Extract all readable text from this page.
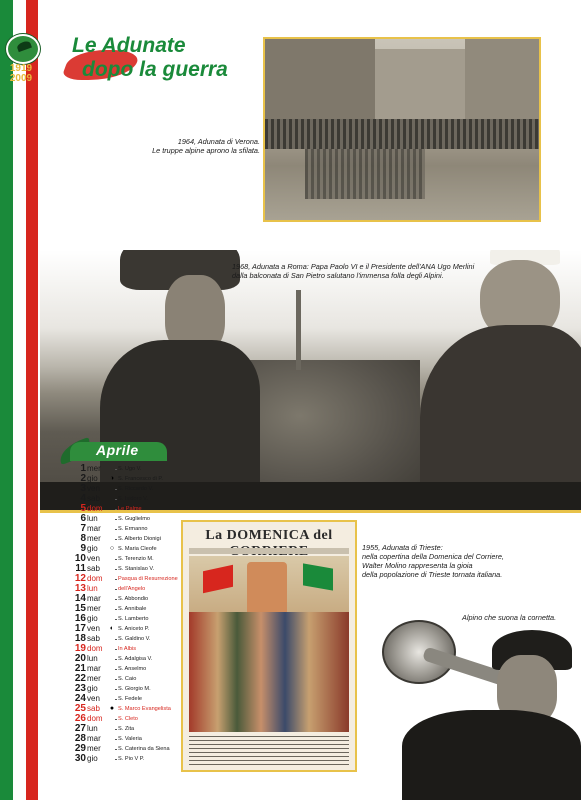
1919
2009
Le Adunate
dopo la guerra
1964, Adunata di Verona.
Le truppe alpine aprono la sfilata.
1968, Adunata a Roma: Papa Paolo VI e il Presidente dell'ANA Ugo Merlini
dalla balconata di San Pietro salutano l'immensa folla degli Alpini.
Aprile
1 mer	S. Ugo V.
2 gio	◑ S. Francesco di P.
3 ven	S. Riccardo V.
4 sab	S. Isidoro V.
5 dom	Le Palme
6 lun	S. Guglielmo
7 mar	S. Ermanno
8 mer	S. Alberto Dionigi
9 gio	○ S. Maria Cleofe
10 ven	S. Terenzio M.
11 sab	S. Stanislao V.
12 dom	Pasqua di Resurrezione
13 lun	dell'Angelo
14 mar	S. Abbondio
15 mer	S. Annibale
16 gio	S. Lamberto
17 ven	◐ S. Aniceto P.
18 sab	S. Galdino V.
19 dom	In Albis
20 lun	S. Adalgisa V.
21 mar	S. Anselmo
22 mer	S. Caio
23 gio	S. Giorgio M.
24 ven	S. Fedele
25 sab	● S. Marco Evangelista
26 dom	S. Cleto
27 lun	S. Zita
28 mar	S. Valeria
29 mer	S. Caterina da Siena
30 gio	S. Pio V P.
La DOMENICA del
1955, Adunata di Trieste:
nella copertina della Domenica del Corriere,
Walter Molino rappresenta la gioia
della popolazione di Trieste tornata italiana.
Alpino che suona la cornetta.
